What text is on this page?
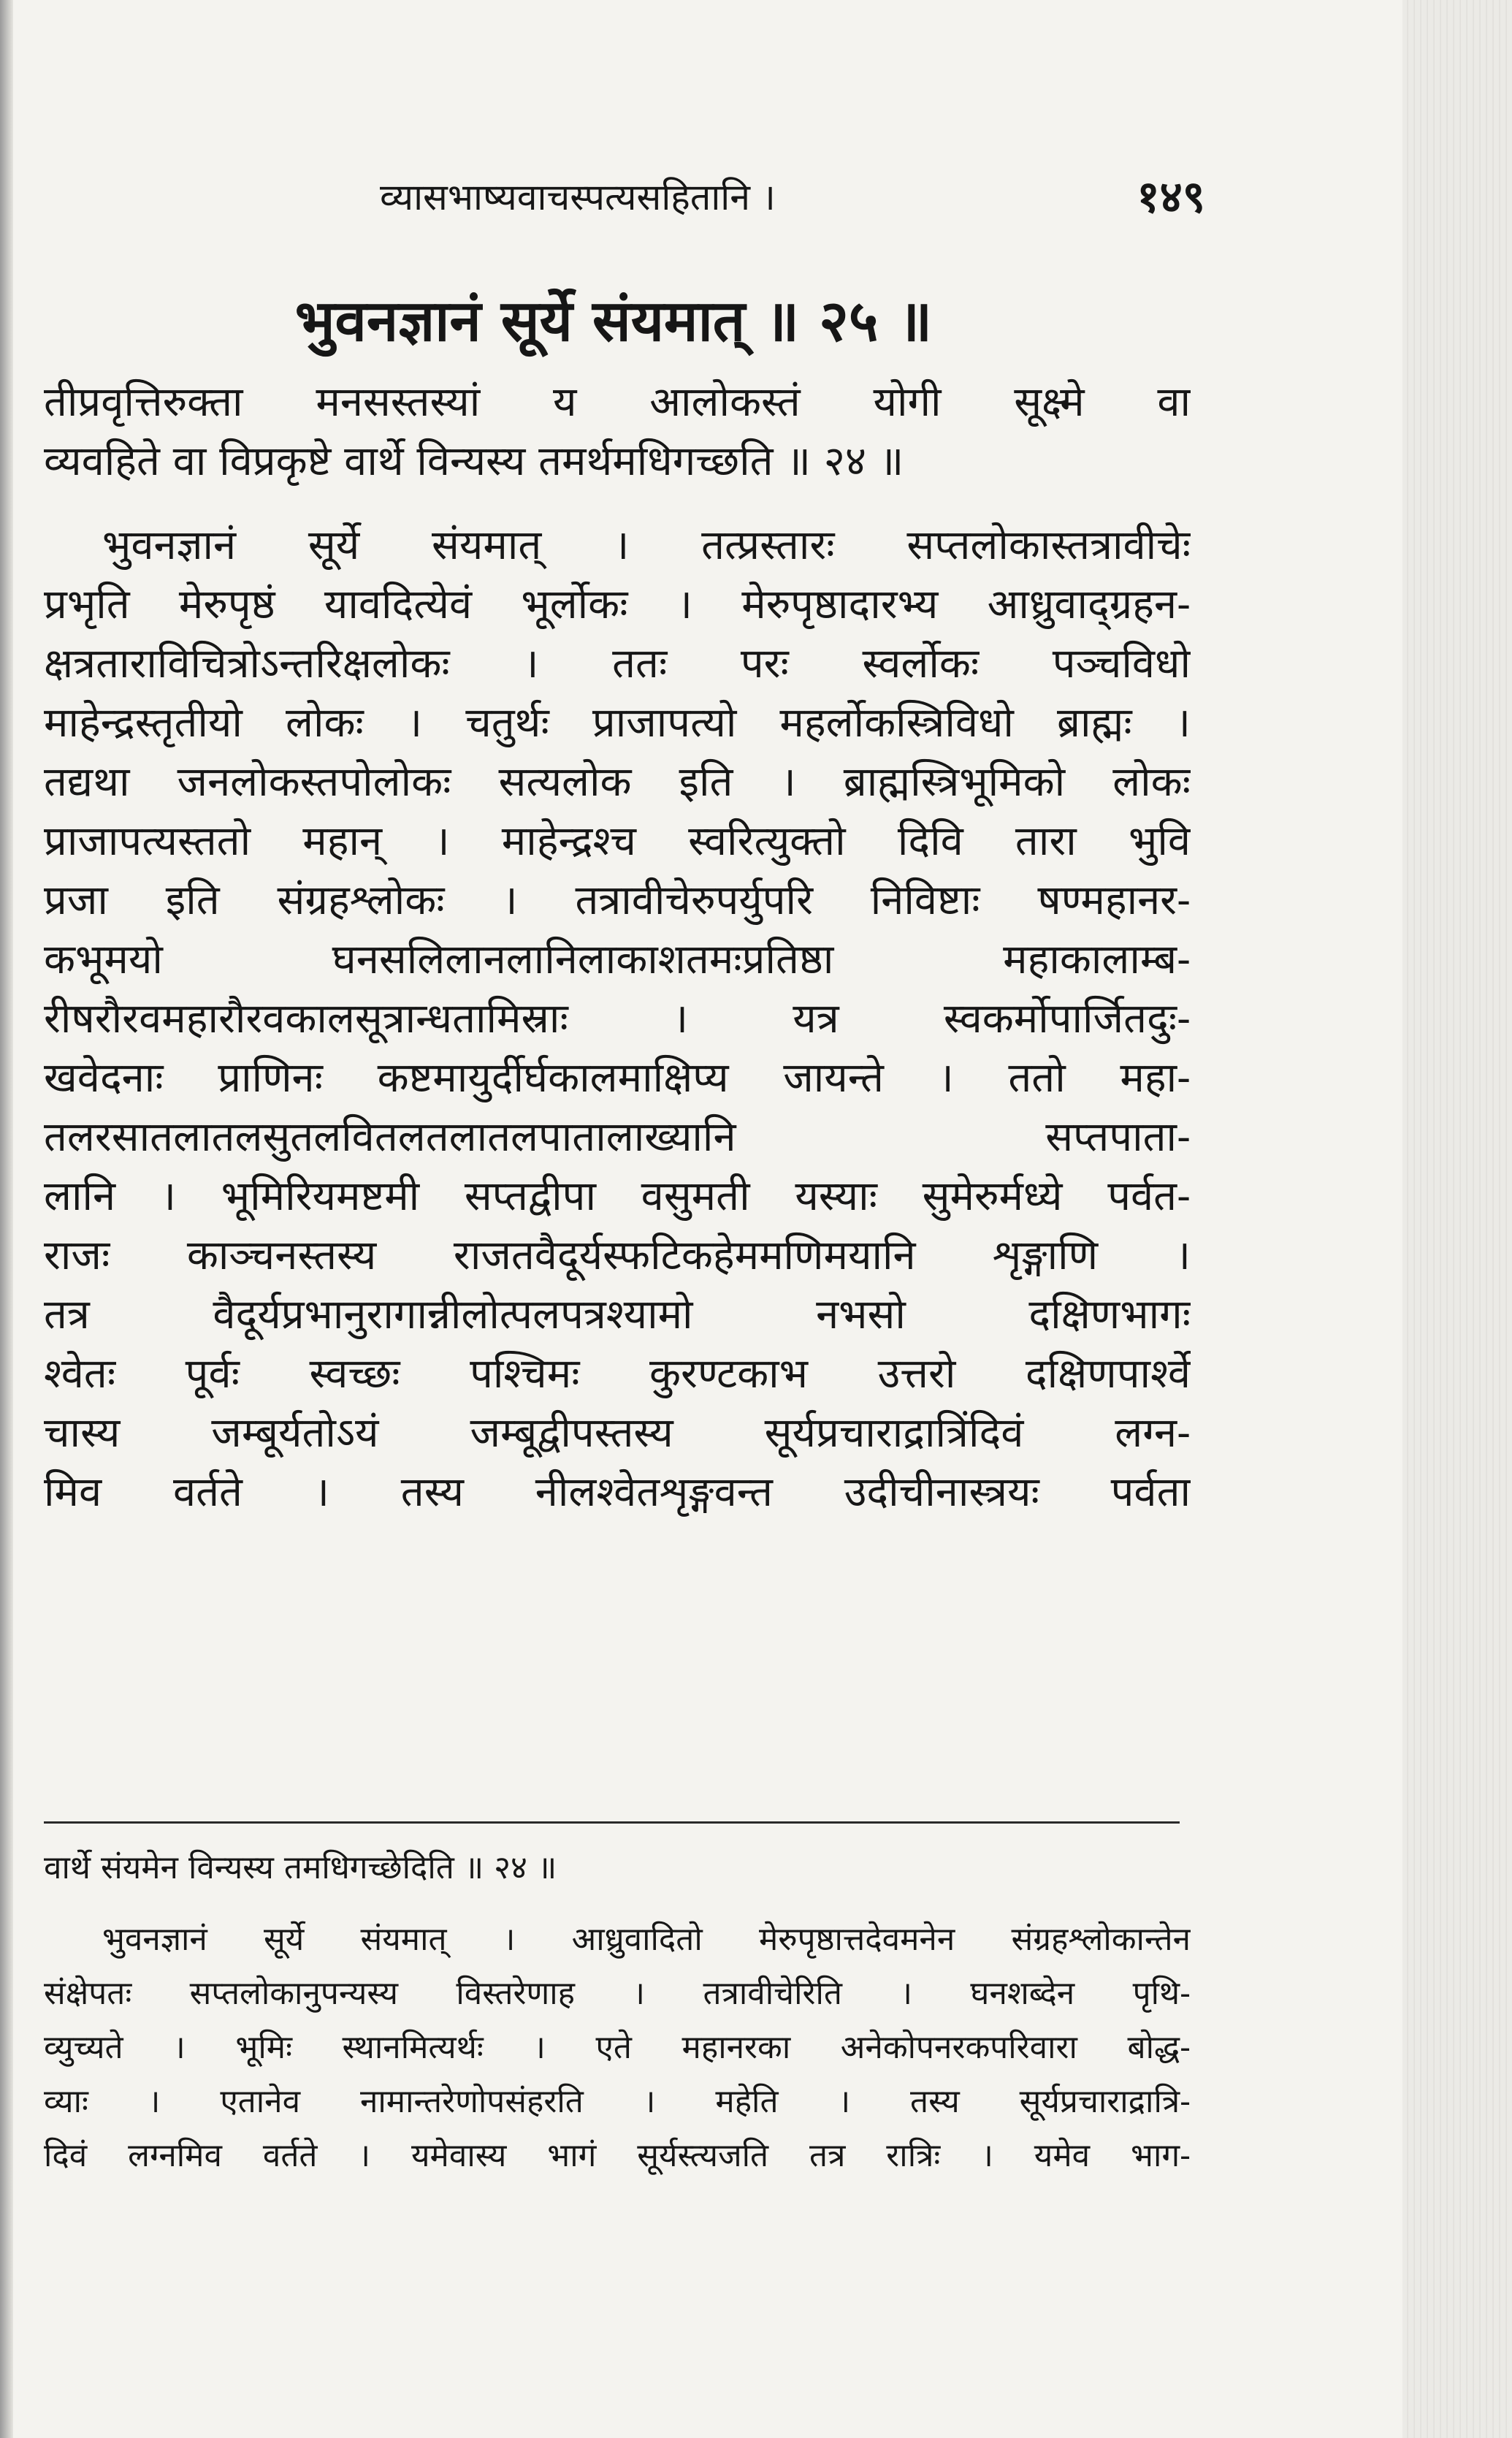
व्यासभाष्यवाचस्पत्यसहितानि ।	१४९
भुवनज्ञानं सूर्ये संयमात् ॥ २५ ॥
तीप्रवृत्तिरुक्ता मनसस्तस्यां य आलोकस्तं योगी सूक्ष्मे वा
व्यवहिते वा विप्रकृष्टे वार्थे विन्यस्य तमर्थमधिगच्छति ॥ २४ ॥
भुवनज्ञानं सूर्ये संयमात् । तत्प्रस्तारः सप्तलोकास्तत्रावीचेः
प्रभृति मेरुपृष्ठं यावदित्येवं भूर्लोकः । मेरुपृष्ठादारभ्य आध्रुवाद्ग्रहन-
क्षत्रताराविचित्रोऽन्तरिक्षलोकः । ततः परः स्वर्लोकः पञ्चविधो
माहेन्द्रस्तृतीयो लोकः । चतुर्थः प्राजापत्यो महर्लोकस्त्रिविधो ब्राह्मः ।
तद्यथा जनलोकस्तपोलोकः सत्यलोक इति । ब्राह्मस्त्रिभूमिको लोकः
प्राजापत्यस्ततो महान् । माहेन्द्रश्च स्वरित्युक्तो दिवि तारा भुवि
प्रजा इति संग्रहश्लोकः । तत्रावीचेरुपर्युपरि निविष्टाः षण्महानर-
कभूमयो घनसलिलानलानिलाकाशतमःप्रतिष्ठा महाकालाम्ब-
रीषरौरवमहारौरवकालसूत्रान्धतामिस्राः । यत्र स्वकर्मोपार्जितदुः-
खवेदनाः प्राणिनः कष्टमायुर्दीर्घकालमाक्षिप्य जायन्ते । ततो महा-
तलरसातलातलसुतलवितलतलातलपातालाख्यानि सप्तपाता-
लानि । भूमिरियमष्टमी सप्तद्वीपा वसुमती यस्याः सुमेरुर्मध्ये पर्वत-
राजः काञ्चनस्तस्य राजतवैदूर्यस्फटिकहेममणिमयानि शृङ्गाणि ।
तत्र वैदूर्यप्रभानुरागान्नीलोत्पलपत्रश्यामो नभसो दक्षिणभागः
श्वेतः पूर्वः स्वच्छः पश्चिमः कुरण्टकाभ उत्तरो दक्षिणपार्श्वे
चास्य जम्बूर्यतोऽयं जम्बूद्वीपस्तस्य सूर्यप्रचाराद्रात्रिंदिवं लग्न-
मिव वर्तते । तस्य नीलश्वेतशृङ्गवन्त उदीचीनास्त्रयः पर्वता
वार्थे संयमेन विन्यस्य तमधिगच्छेदिति ॥ २४ ॥
भुवनज्ञानं सूर्ये संयमात् । आध्रुवादितो मेरुपृष्ठात्तदेवमनेन संग्रहश्लोकान्तेन
संक्षेपतः सप्तलोकानुपन्यस्य विस्तरेणाह । तत्रावीचेरिति । घनशब्देन पृथि-
व्युच्यते । भूमिः स्थानमित्यर्थः । एते महानरका अनेकोपनरकपरिवारा बोद्ध-
व्याः । एतानेव नामान्तरेणोपसंहरति । महेति । तस्य सूर्यप्रचाराद्रात्रि-
दिवं लग्नमिव वर्तते । यमेवास्य भागं सूर्यस्त्यजति तत्र रात्रिः । यमेव भाग-
